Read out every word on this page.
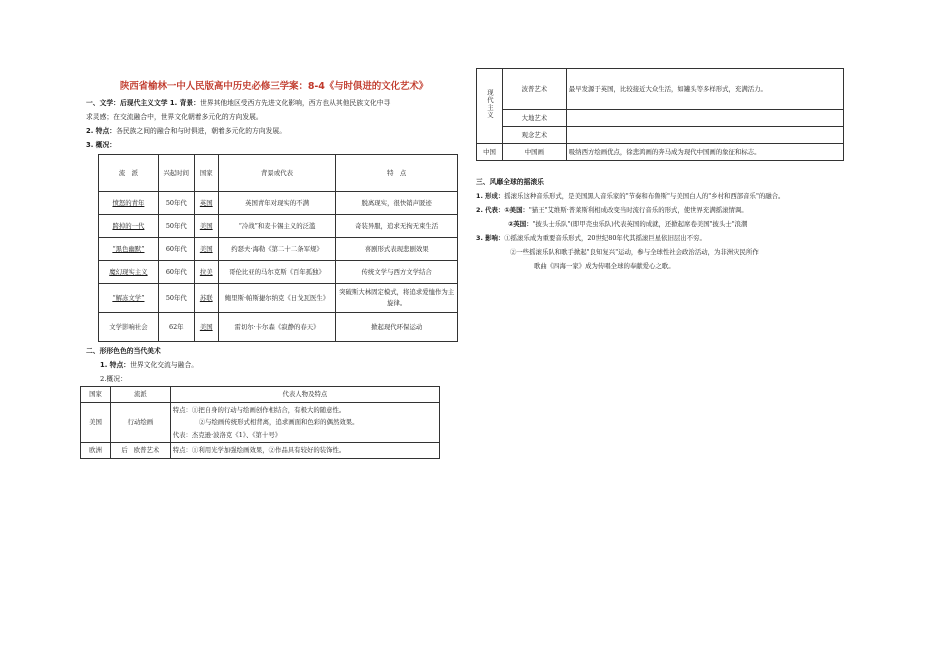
陕西省榆林一中人民版高中历史必修三学案：8-4《与时俱进的文化艺术》

一、文学：后现代主义文学 1. 背景：世界其他地区受西方先进文化影响，西方也从其他民族文化中寻

求灵感；在交流融合中，世界文化朝着多元化的方向发展。

2. 特点：各民族之间的融合和与时俱进，朝着多元化的方向发展。

3. 概况：

流　派	兴起时间	国家	背景或代表	特　点
愤怒的青年	50年代	英国	英国青年对现实的不满	脱离现实，很快销声匿迹
跨掉的一代	50年代	美国	“冷战”和麦卡锡主义的泛滥	奇装异服，追求无拘无束生活
“黑色幽默”	60年代	美国	约瑟夫·海勒《第二十二条军规》	喜剧形式表现悲剧效果
魔幻现实主义	60年代	拉美	哥伦比亚的马尔克斯《百年孤独》	传统文学与西方文学结合
“解冻文学”	50年代	苏联	鲍里斯·帕斯捷尔纳克《日戈瓦医生》	突破斯大林固定模式，将追求爱恤作为主旋律。
文学影响社会	62年	美国	雷切尔·卡尔森《寂静的春天》	掀起现代环保运动

二、形形色色的当代美术

1. 特点：世界文化交流与融合。

2.概况：

国家	流派	代表人物及特点
美国	行动绘画	特点：①把自身的行动与绘画创作相结合，有极大的随意性。
②与绘画传统形式相背离，追求画面和色彩的偶然效果。
代表：杰克逊·波洛克《1》、《第十号》

欧洲	后 欧普艺术	特点：①利用光学加强绘画效果，②作品具有较好的装饰性。
现代主义	波普艺术	最早发源于英国，比较接近大众生活，如罐头等多样形式，充满活力。
	大地艺术	
	观念艺术	
中国	中国画	吸纳西方绘画优点，徐悲鸿画的奔马成为现代中国画的象征和标志。

三、风靡全球的摇滚乐

1. 形成：摇滚乐这种音乐形式，是美国黑人音乐家的"节奏和布鲁斯"与美国白人的"乡村和西部音乐"的融合。

2. 代表：①美国："猫王"艾维斯·普莱斯利相成改变当时流行音乐的形式，使世界充满摇滚情调。

②英国："披头士乐队"(即甲壳虫乐队)代表英国的成就，还掀起席卷美国"披头士"浪潮

3. 影响：①摇滚乐成为重要音乐形式，20世纪80年代其摇滚巨星依旧层出不穷。

②一些摇滚乐队和歌手掀起"良知复兴"运动，参与全球性社会政治活动，为非洲灾民所作

歌曲《四海一家》成为传唱全球的奉献爱心之歌。
